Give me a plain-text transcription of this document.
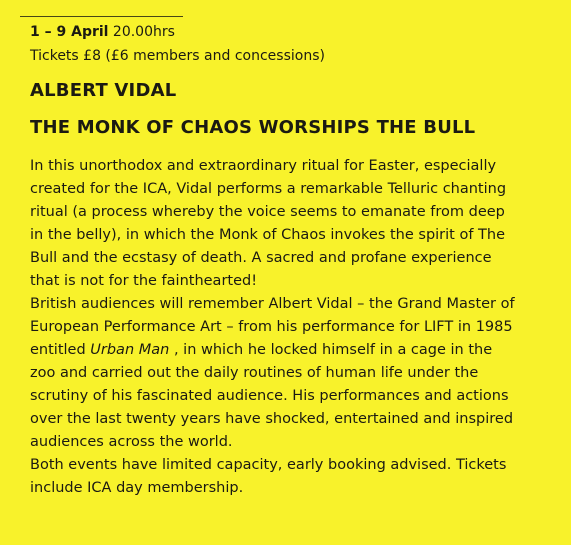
1 – 9 April 20.00hrs
Tickets £8 (£6 members and concessions)
ALBERT VIDAL
THE MONK OF CHAOS WORSHIPS THE BULL
In this unorthodox and extraordinary ritual for Easter, especially
created for the ICA, Vidal performs a remarkable Telluric chanting
ritual (a process whereby the voice seems to emanate from deep
in the belly), in which the Monk of Chaos invokes the spirit of The
Bull and the ecstasy of death. A sacred and profane experience
that is not for the fainthearted!
British audiences will remember Albert Vidal – the Grand Master of
European Performance Art – from his performance for LIFT in 1985
entitled Urban Man , in which he locked himself in a cage in the
zoo and carried out the daily routines of human life under the
scrutiny of his fascinated audience. His performances and actions
over the last twenty years have shocked, entertained and inspired
audiences across the world.
Both events have limited capacity, early booking advised. Tickets
include ICA day membership.
